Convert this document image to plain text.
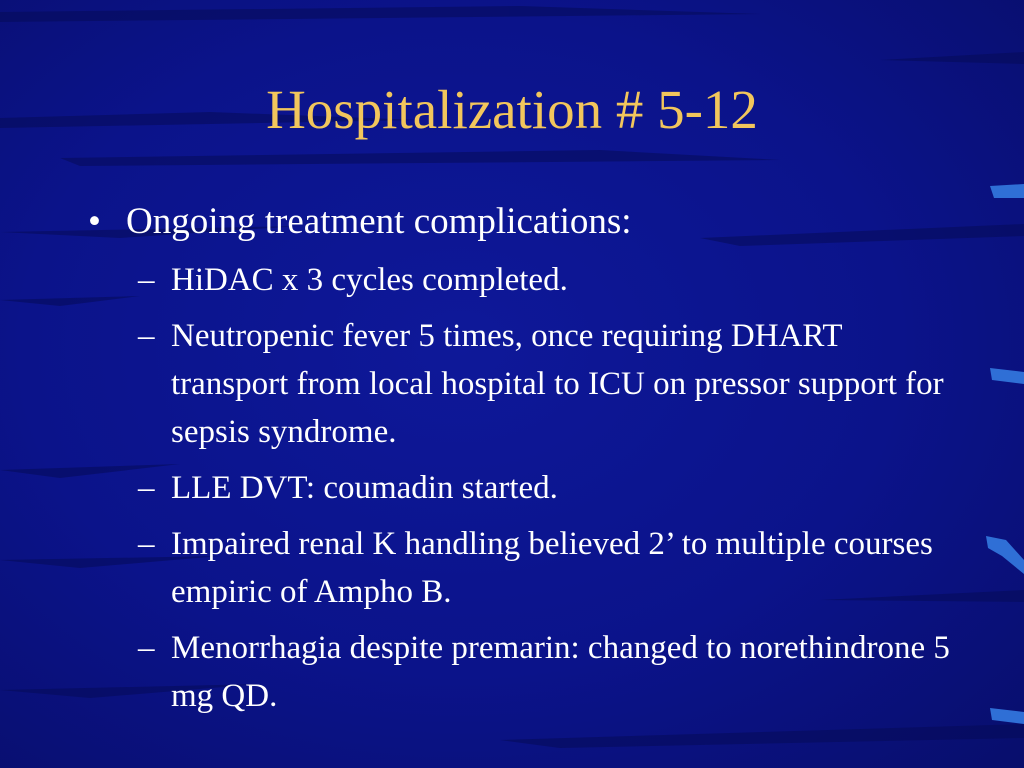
Hospitalization # 5-12
• Ongoing treatment complications:
– HiDAC x 3 cycles completed.
– Neutropenic fever 5 times, once requiring DHART transport from local hospital to ICU on pressor support for sepsis syndrome.
– LLE DVT: coumadin started.
– Impaired renal K handling believed 2’ to multiple courses empiric of Ampho B.
– Menorrhagia despite premarin: changed to norethindrone 5 mg QD.
